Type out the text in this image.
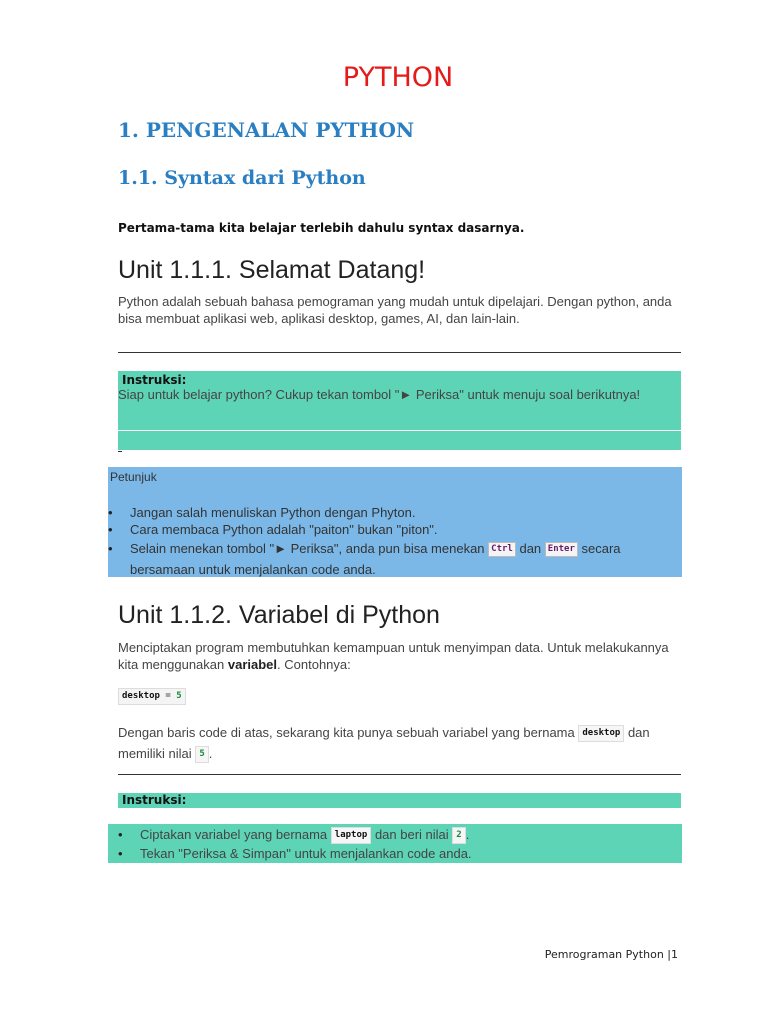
PYTHON
1. PENGENALAN PYTHON
1.1. Syntax dari Python
Pertama-tama kita belajar terlebih dahulu syntax dasarnya.
Unit 1.1.1. Selamat Datang!
Python adalah sebuah bahasa pemograman yang mudah untuk dipelajari. Dengan python, anda bisa membuat aplikasi web, aplikasi desktop, games, AI, dan lain-lain.
Instruksi:
Siap untuk belajar python? Cukup tekan tombol "► Periksa" untuk menuju soal berikutnya!
Petunjuk
• Jangan salah menuliskan Python dengan Phyton.
• Cara membaca Python adalah "paiton" bukan "piton".
• Selain menekan tombol "► Periksa", anda pun bisa menekan Ctrl dan Enter secara
bersamaan untuk menjalankan code anda.
Unit 1.1.2. Variabel di Python
Menciptakan program membutuhkan kemampuan untuk menyimpan data. Untuk melakukannya kita menggunakan variabel. Contohnya:
desktop = 5
Dengan baris code di atas, sekarang kita punya sebuah variabel yang bernama desktop dan
memiliki nilai 5 .
Instruksi:
• Ciptakan variabel yang bernama laptop dan beri nilai 2 .
• Tekan "Periksa & Simpan" untuk menjalankan code anda.
Pemrograman Python |1
